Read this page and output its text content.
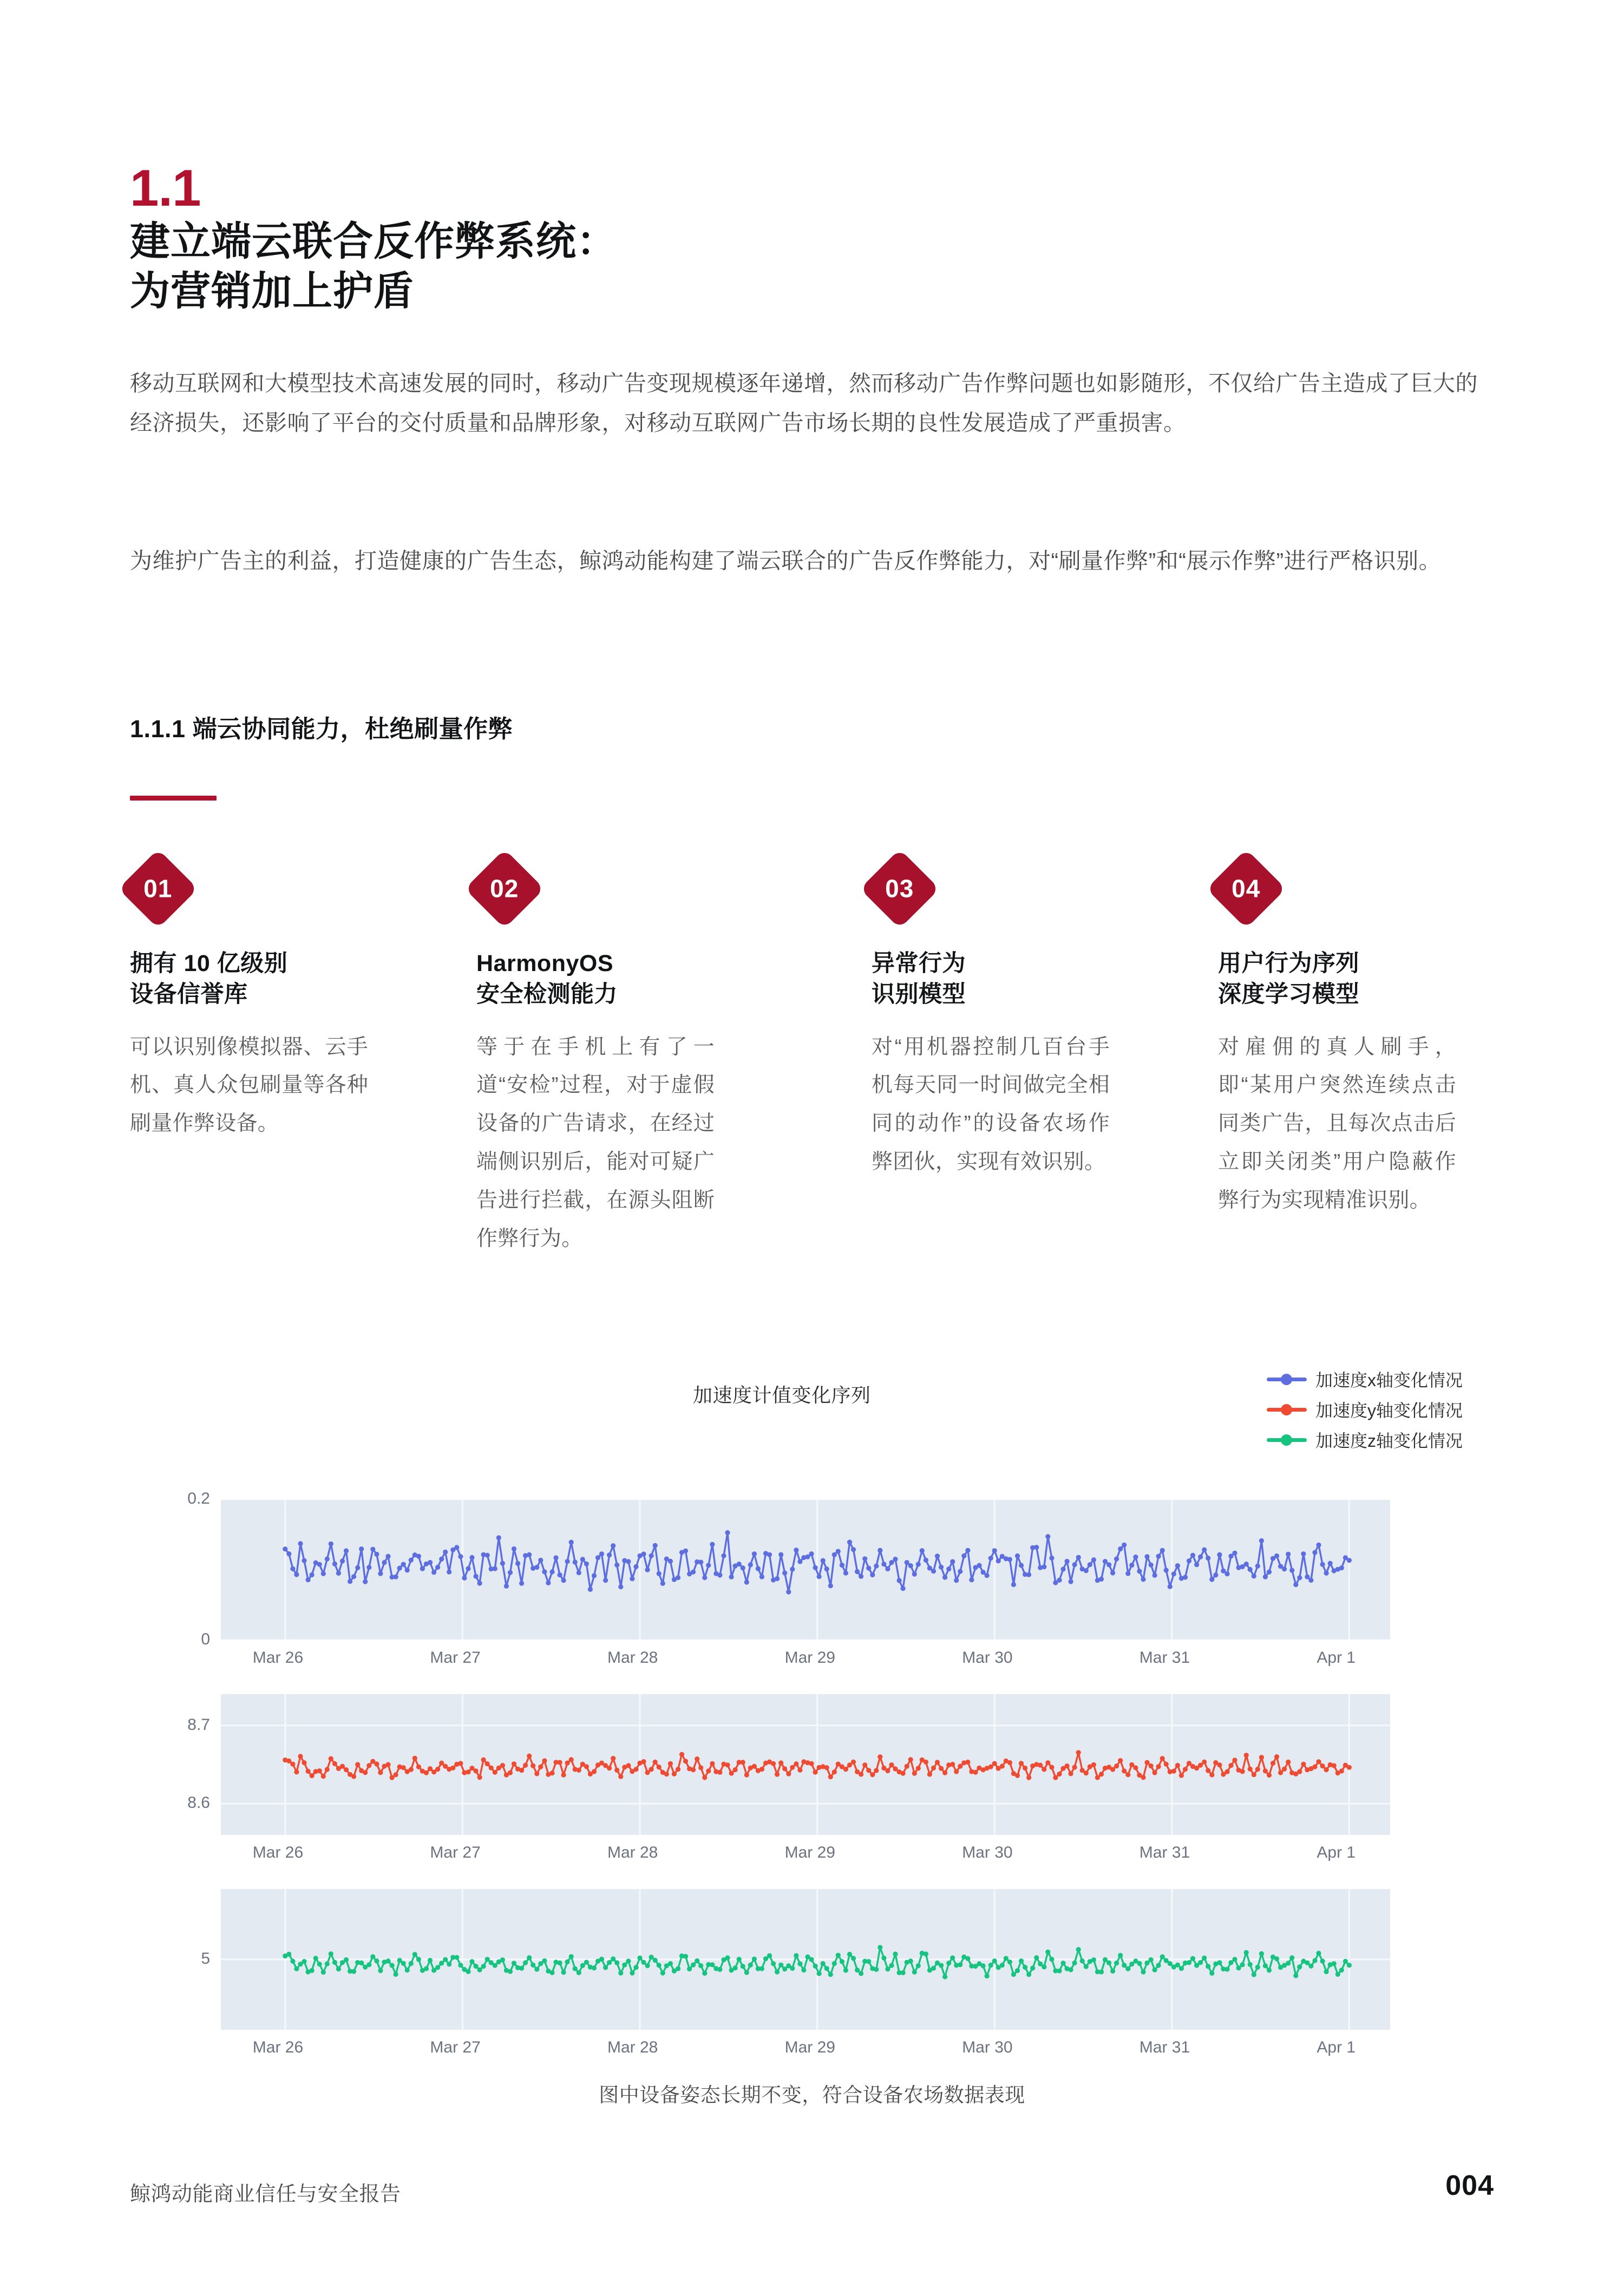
1.1
建立端云联合反作弊系统：
为营销加上护盾
移动互联网和大模型技术高速发展的同时，移动广告变现规模逐年递增，然而移动广告作弊问题也如影随形，不仅给广告主造成了巨大的经济损失，还影响了平台的交付质量和品牌形象，对移动互联网广告市场长期的良性发展造成了严重损害。
为维护广告主的利益，打造健康的广告生态，鲸鸿动能构建了端云联合的广告反作弊能力，对“刷量作弊”和“展示作弊”进行严格识别。
1.1.1 端云协同能力，杜绝刷量作弊
01
拥有 10 亿级别
设备信誉库
可以识别像模拟器、云手机、真人众包刷量等各种刷量作弊设备。
02
HarmonyOS
安全检测能力
等于在手机上有了一道“安检”过程，对于虚假设备的广告请求，在经过端侧识别后，能对可疑广告进行拦截，在源头阻断作弊行为。
03
异常行为
识别模型
对“用机器控制几百台手机每天同一时间做完全相同的动作”的设备农场作弊团伙，实现有效识别。
04
用户行为序列
深度学习模型
对雇佣的真人刷手，即“某用户突然连续点击同类广告，且每次点击后立即关闭类”用户隐蔽作弊行为实现精准识别。
加速度计值变化序列
加速度x轴变化情况
加速度y轴变化情况
加速度z轴变化情况
0.2
0
Mar 26	Mar 27	Mar 28	Mar 29	Mar 30	Mar 31	Apr 1
8.7
8.6
Mar 26	Mar 27	Mar 28	Mar 29	Mar 30	Mar 31	Apr 1
5
Mar 26	Mar 27	Mar 28	Mar 29	Mar 30	Mar 31	Apr 1
图中设备姿态长期不变，符合设备农场数据表现
鲸鸿动能商业信任与安全报告	004
